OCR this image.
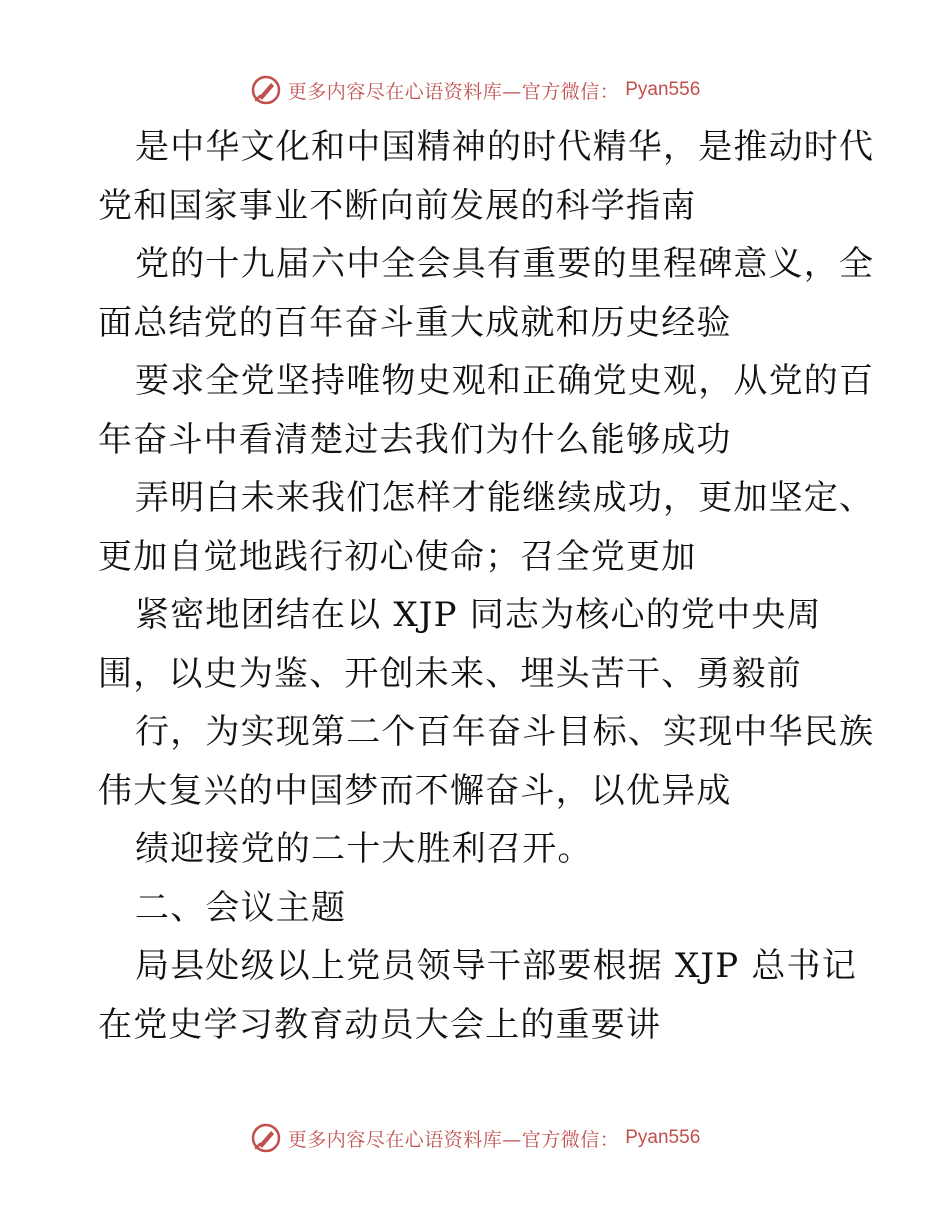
更多内容尽在心语资料库—官方微信： Pyan556
是中华文化和中国精神的时代精华，是推动时代
党和国家事业不断向前发展的科学指南
党的十九届六中全会具有重要的里程碑意义，全
面总结党的百年奋斗重大成就和历史经验
要求全党坚持唯物史观和正确党史观，从党的百
年奋斗中看清楚过去我们为什么能够成功
弄明白未来我们怎样才能继续成功，更加坚定、
更加自觉地践行初心使命；召全党更加
紧密地团结在以 XJP 同志为核心的党中央周
围，以史为鉴、开创未来、埋头苦干、勇毅前
行，为实现第二个百年奋斗目标、实现中华民族
伟大复兴的中国梦而不懈奋斗，以优异成
绩迎接党的二十大胜利召开。
二、会议主题
局县处级以上党员领导干部要根据 XJP 总书记
在党史学习教育动员大会上的重要讲
更多内容尽在心语资料库—官方微信： Pyan556
